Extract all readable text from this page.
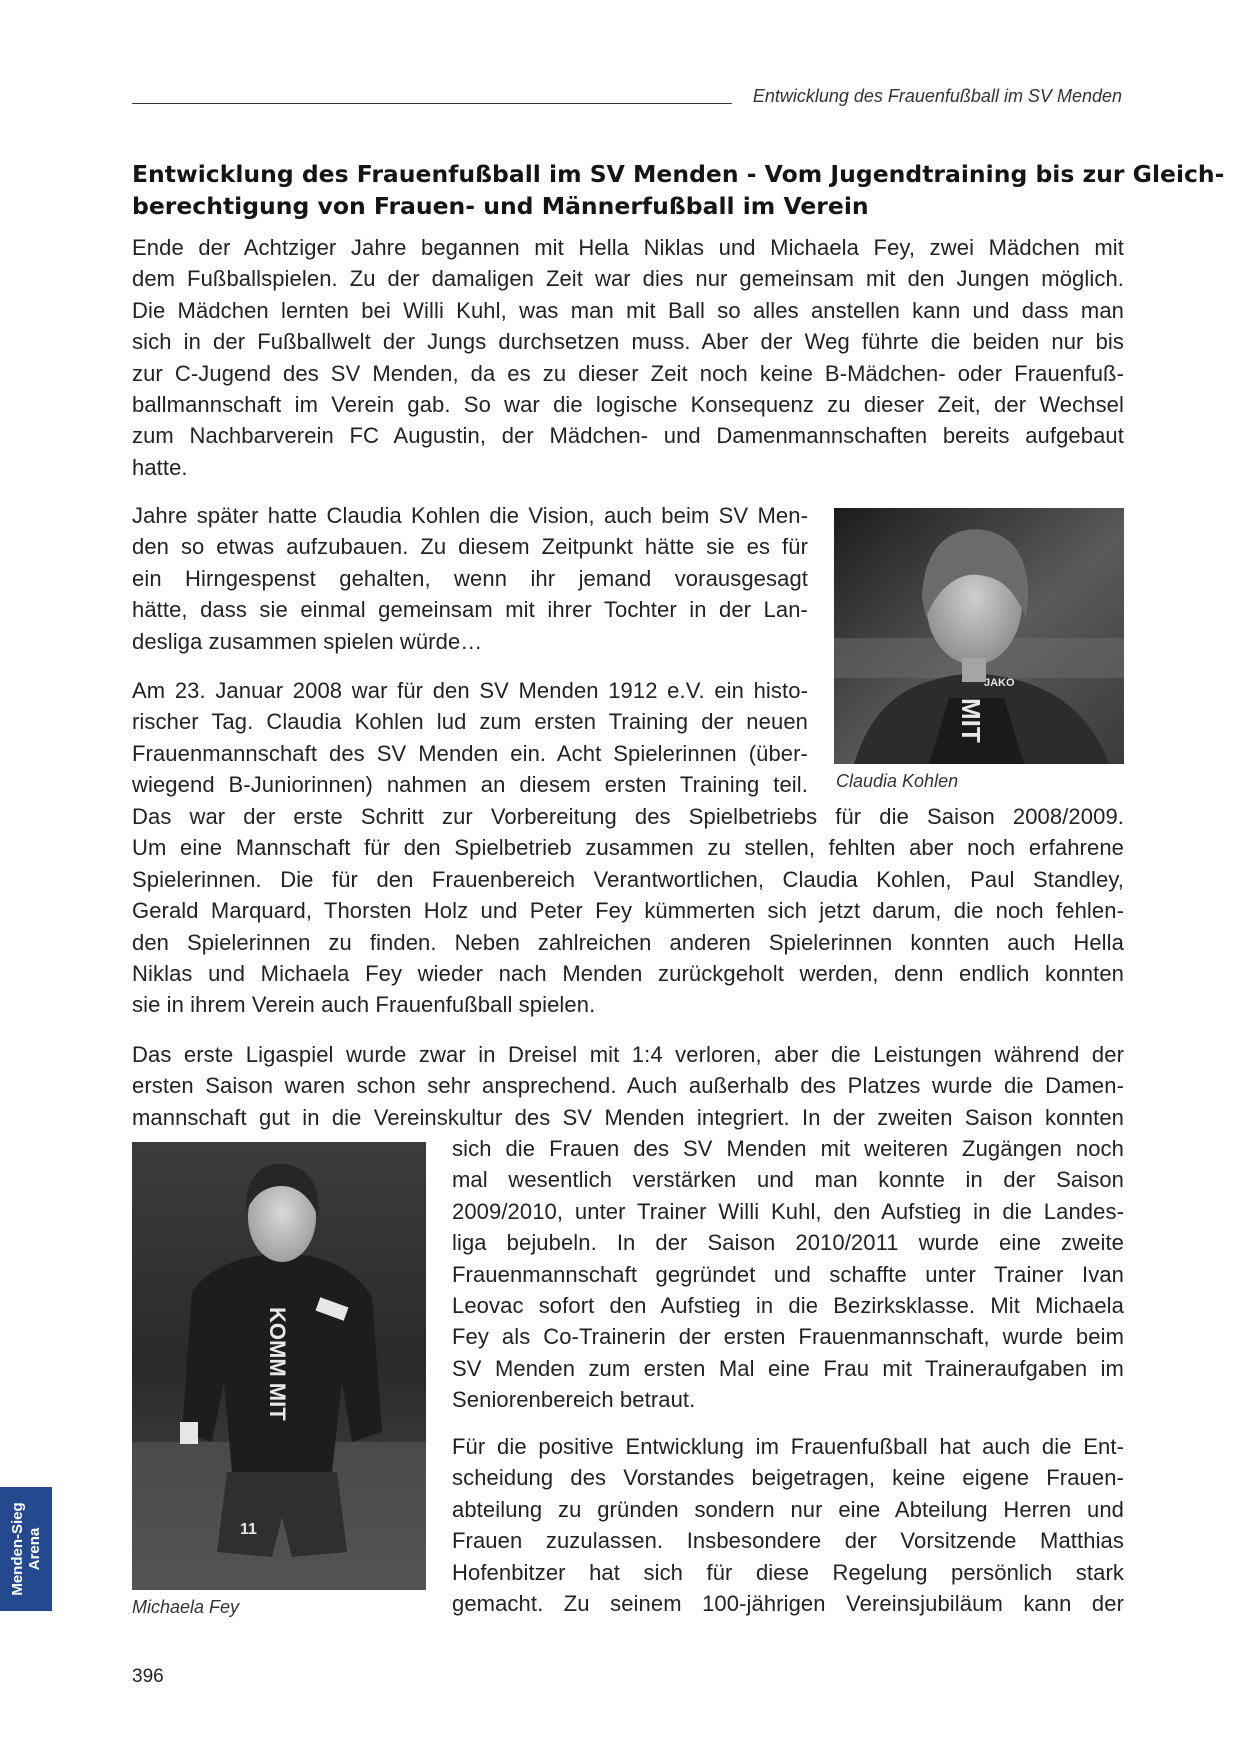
Entwicklung des Frauenfußball im SV Menden
Entwicklung des Frauenfußball im SV Menden - Vom Jugendtraining bis zur Gleich-
berechtigung von Frauen- und Männerfußball im Verein
Ende der Achtziger Jahre begannen mit Hella Niklas und Michaela Fey, zwei Mädchen mit
dem Fußballspielen. Zu der damaligen Zeit war dies nur gemeinsam mit den Jungen möglich.
Die Mädchen lernten bei Willi Kuhl, was man mit Ball so alles anstellen kann und dass man
sich in der Fußballwelt der Jungs durchsetzen muss. Aber der Weg führte die beiden nur bis
zur C-Jugend des SV Menden, da es zu dieser Zeit noch keine B-Mädchen- oder Frauenfuß-
ballmannschaft im Verein gab. So war die logische Konsequenz zu dieser Zeit, der Wechsel
zum Nachbarverein FC Augustin, der Mädchen- und Damenmannschaften bereits aufgebaut
hatte.
Jahre später hatte Claudia Kohlen die Vision, auch beim SV Men-
den so etwas aufzubauen. Zu diesem Zeitpunkt hätte sie es für
ein Hirngespenst gehalten, wenn ihr jemand vorausgesagt
hätte, dass sie einmal gemeinsam mit ihrer Tochter in der Lan-
desliga zusammen spielen würde…
Am 23. Januar 2008 war für den SV Menden 1912 e.V. ein histo-
rischer Tag. Claudia Kohlen lud zum ersten Training der neuen
Frauenmannschaft des SV Menden ein. Acht Spielerinnen (über-
wiegend B-Juniorinnen) nahmen an diesem ersten Training teil.
Das war der erste Schritt zur Vorbereitung des Spielbetriebs für die Saison 2008/2009.
Um eine Mannschaft für den Spielbetrieb zusammen zu stellen, fehlten aber noch erfahrene
Spielerinnen. Die für den Frauenbereich Verantwortlichen, Claudia Kohlen, Paul Standley,
Gerald Marquard, Thorsten Holz und Peter Fey kümmerten sich jetzt darum, die noch fehlen-
den Spielerinnen zu finden. Neben zahlreichen anderen Spielerinnen konnten auch Hella
Niklas und Michaela Fey wieder nach Menden zurückgeholt werden, denn endlich konnten
sie in ihrem Verein auch Frauenfußball spielen.
Das erste Ligaspiel wurde zwar in Dreisel mit 1:4 verloren, aber die Leistungen während der
ersten Saison waren schon sehr ansprechend. Auch außerhalb des Platzes wurde die Damen-
mannschaft gut in die Vereinskultur des SV Menden integriert. In der zweiten Saison konnten
sich die Frauen des SV Menden mit weiteren Zugängen noch
mal wesentlich verstärken und man konnte in der Saison
2009/2010, unter Trainer Willi Kuhl, den Aufstieg in die Landes-
liga bejubeln. In der Saison 2010/2011 wurde eine zweite
Frauenmannschaft gegründet und schaffte unter Trainer Ivan
Leovac sofort den Aufstieg in die Bezirksklasse. Mit Michaela
Fey als Co-Trainerin der ersten Frauenmannschaft, wurde beim
SV Menden zum ersten Mal eine Frau mit Traineraufgaben im
Seniorenbereich betraut.
Für die positive Entwicklung im Frauenfußball hat auch die Ent-
scheidung des Vorstandes beigetragen, keine eigene Frauen-
abteilung zu gründen sondern nur eine Abteilung Herren und
Frauen zuzulassen. Insbesondere der Vorsitzende Matthias
Hofenbitzer hat sich für diese Regelung persönlich stark
gemacht. Zu seinem 100-jährigen Vereinsjubiläum kann der
JAKO
MIT
Claudia Kohlen
KOMM MIT
11
Michaela Fey
Menden-Sieg Arena
396
